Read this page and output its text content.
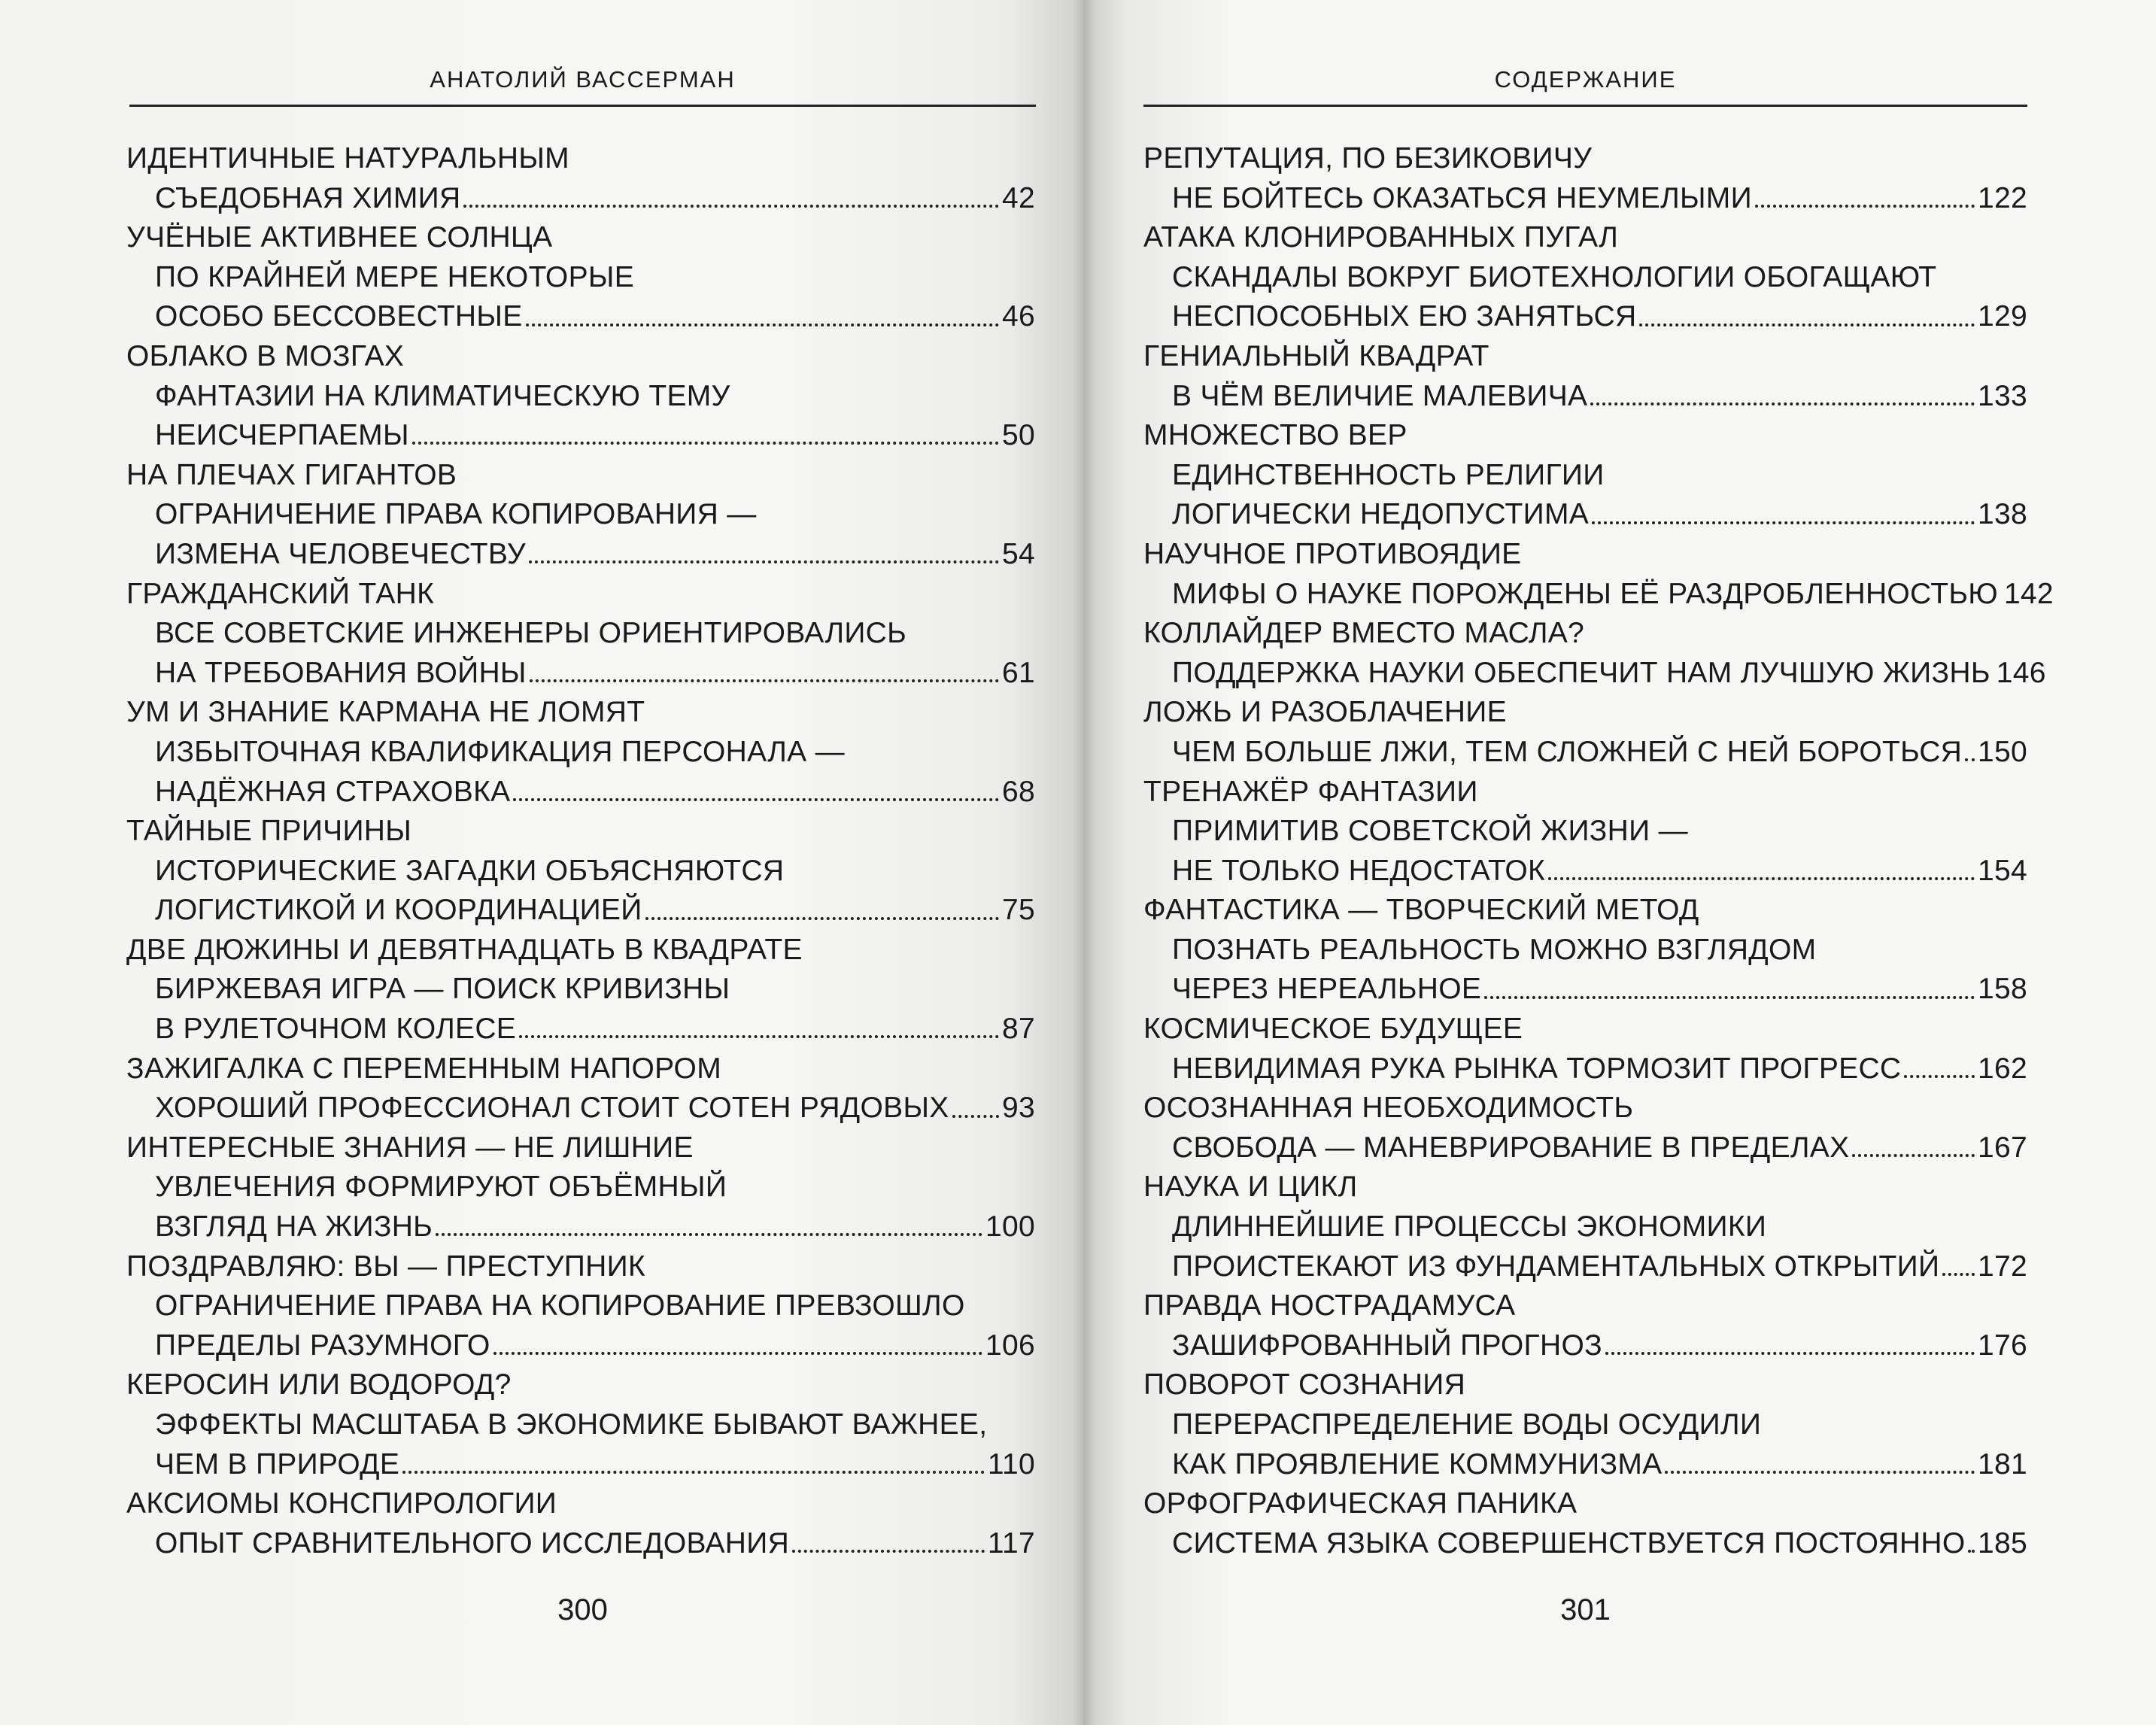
АНАТОЛИЙ ВАССЕРМАН
ИДЕНТИЧНЫЕ НАТУРАЛЬНЫМ
СЪЕДОБНАЯ ХИМИЯ	42
УЧЁНЫЕ АКТИВНЕЕ СОЛНЦА
ПО КРАЙНЕЙ МЕРЕ НЕКОТОРЫЕ
ОСОБО БЕССОВЕСТНЫЕ	46
ОБЛАКО В МОЗГАХ
ФАНТАЗИИ НА КЛИМАТИЧЕСКУЮ ТЕМУ
НЕИСЧЕРПАЕМЫ	50
НА ПЛЕЧАХ ГИГАНТОВ
ОГРАНИЧЕНИЕ ПРАВА КОПИРОВАНИЯ —
ИЗМЕНА ЧЕЛОВЕЧЕСТВУ	54
ГРАЖДАНСКИЙ ТАНК
ВСЕ СОВЕТСКИЕ ИНЖЕНЕРЫ ОРИЕНТИРОВАЛИСЬ
НА ТРЕБОВАНИЯ ВОЙНЫ	61
УМ И ЗНАНИЕ КАРМАНА НЕ ЛОМЯТ
ИЗБЫТОЧНАЯ КВАЛИФИКАЦИЯ ПЕРСОНАЛА —
НАДЁЖНАЯ СТРАХОВКА	68
ТАЙНЫЕ ПРИЧИНЫ
ИСТОРИЧЕСКИЕ ЗАГАДКИ ОБЪЯСНЯЮТСЯ
ЛОГИСТИКОЙ И КООРДИНАЦИЕЙ	75
ДВЕ ДЮЖИНЫ И ДЕВЯТНАДЦАТЬ В КВАДРАТЕ
БИРЖЕВАЯ ИГРА — ПОИСК КРИВИЗНЫ
В РУЛЕТОЧНОМ КОЛЕСЕ	87
ЗАЖИГАЛКА С ПЕРЕМЕННЫМ НАПОРОМ
ХОРОШИЙ ПРОФЕССИОНАЛ СТОИТ СОТЕН РЯДОВЫХ 93
ИНТЕРЕСНЫЕ ЗНАНИЯ — НЕ ЛИШНИЕ
УВЛЕЧЕНИЯ ФОРМИРУЮТ ОБЪЁМНЫЙ
ВЗГЛЯД НА ЖИЗНЬ	100
ПОЗДРАВЛЯЮ: ВЫ — ПРЕСТУПНИК
ОГРАНИЧЕНИЕ ПРАВА НА КОПИРОВАНИЕ ПРЕВЗОШЛО
ПРЕДЕЛЫ РАЗУМНОГО	106
КЕРОСИН ИЛИ ВОДОРОД?
ЭФФЕКТЫ МАСШТАБА В ЭКОНОМИКЕ БЫВАЮТ ВАЖНЕЕ,
ЧЕМ В ПРИРОДЕ	110
АКСИОМЫ КОНСПИРОЛОГИИ
ОПЫТ СРАВНИТЕЛЬНОГО ИССЛЕДОВАНИЯ	117
300
СОДЕРЖАНИЕ
РЕПУТАЦИЯ, ПО БЕЗИКОВИЧУ
НЕ БОЙТЕСЬ ОКАЗАТЬСЯ НЕУМЕЛЫМИ	122
АТАКА КЛОНИРОВАННЫХ ПУГАЛ
СКАНДАЛЫ ВОКРУГ БИОТЕХНОЛОГИИ ОБОГАЩАЮТ
НЕСПОСОБНЫХ ЕЮ ЗАНЯТЬСЯ	129
ГЕНИАЛЬНЫЙ КВАДРАТ
В ЧЁМ ВЕЛИЧИЕ МАЛЕВИЧА	133
МНОЖЕСТВО ВЕР
ЕДИНСТВЕННОСТЬ РЕЛИГИИ
ЛОГИЧЕСКИ НЕДОПУСТИМА	138
НАУЧНОЕ ПРОТИВОЯДИЕ
МИФЫ О НАУКЕ ПОРОЖДЕНЫ ЕЁ РАЗДРОБЛЕННОСТЬЮ 142
КОЛЛАЙДЕР ВМЕСТО МАСЛА?
ПОДДЕРЖКА НАУКИ ОБЕСПЕЧИТ НАМ ЛУЧШУЮ ЖИЗНЬ 146
ЛОЖЬ И РАЗОБЛАЧЕНИЕ
ЧЕМ БОЛЬШЕ ЛЖИ, ТЕМ СЛОЖНЕЙ С НЕЙ БОРОТЬСЯ 150
ТРЕНАЖЁР ФАНТАЗИИ
ПРИМИТИВ СОВЕТСКОЙ ЖИЗНИ —
НЕ ТОЛЬКО НЕДОСТАТОК	154
ФАНТАСТИКА — ТВОРЧЕСКИЙ МЕТОД
ПОЗНАТЬ РЕАЛЬНОСТЬ МОЖНО ВЗГЛЯДОМ
ЧЕРЕЗ НЕРЕАЛЬНОЕ	158
КОСМИЧЕСКОЕ БУДУЩЕЕ
НЕВИДИМАЯ РУКА РЫНКА ТОРМОЗИТ ПРОГРЕСС	162
ОСОЗНАННАЯ НЕОБХОДИМОСТЬ
СВОБОДА — МАНЕВРИРОВАНИЕ В ПРЕДЕЛАХ	167
НАУКА И ЦИКЛ
ДЛИННЕЙШИЕ ПРОЦЕССЫ ЭКОНОМИКИ
ПРОИСТЕКАЮТ ИЗ ФУНДАМЕНТАЛЬНЫХ ОТКРЫТИЙ 172
ПРАВДА НОСТРАДАМУСА
ЗАШИФРОВАННЫЙ ПРОГНОЗ	176
ПОВОРОТ СОЗНАНИЯ
ПЕРЕРАСПРЕДЕЛЕНИЕ ВОДЫ ОСУДИЛИ
КАК ПРОЯВЛЕНИЕ КОММУНИЗМА	181
ОРФОГРАФИЧЕСКАЯ ПАНИКА
СИСТЕМА ЯЗЫКА СОВЕРШЕНСТВУЕТСЯ ПОСТОЯННО 185
301
